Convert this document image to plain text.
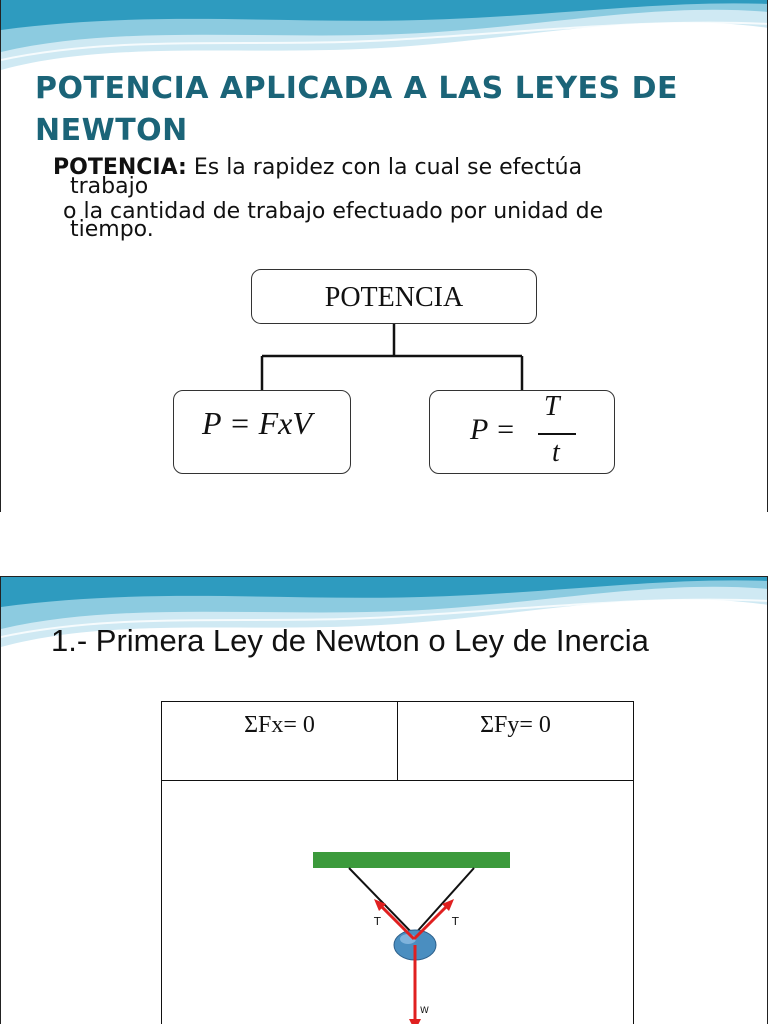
POTENCIA APLICADA A LAS LEYES DE NEWTON
POTENCIA: Es la rapidez con la cual se efectúa
trabajo
o la cantidad de trabajo efectuado por unidad de
tiempo.
POTENCIA
P = FxV	P =
T
t
1.- Primera Ley de Newton o Ley de Inercia
ΣFx= 0	ΣFy= 0
T	T
W
